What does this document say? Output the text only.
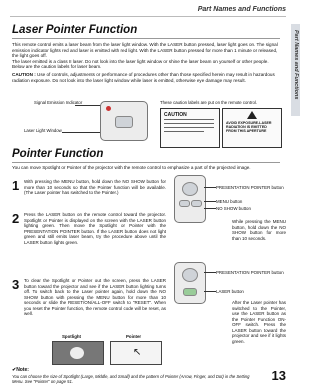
Part Names and Functions
Part Names and Functions
Laser Pointer Function
This remote control emits a laser beam from the laser light window. With the LASER button pressed, laser light goes on. The signal emission indicator lights red and laser is emitted with red light. With the LASER button pressed for more than 1 minute or released, the light goes off.
The laser emitted is a class II laser. Do not look into the laser light window or shine the laser beam on yourself or other people. Below are the caution labels for laser beam.
CAUTION : Use of controls, adjustments or performance of procedures other than those specified herein may result in hazardous radiation exposure. Do not look into the laser light window while laser is emitted, otherwise eye damage may result.
Signal Emission Indicator
Laser Light Window
These caution labels are put on the remote control.
CAUTION
AVOID EXPOSURE-LASER RADIATION IS EMITTED FROM THIS APERTURE
Pointer Function
You can move Spotlight or Pointer of the projector with the remote control to emphasize a part of the projected image.
1 With pressing the MENU button, hold down the NO SHOW button for more than 10 seconds so that the Pointer function will be available. (The Laser pointer has switched to the Pointer.)
2 Press the LASER button on the remote control toward the projector. Spotlight or Pointer is displayed on the screen with the LASER button lighting green. Then move the Spotlight or Pointer with the PRESENTATION POINTER button. If the LASER button does not light green and still emits laser beam, try the procedure above until the LASER button lights green.
3 To clear the Spotlight or Pointer out the screen, press the LASER button toward the projector and see if the LASER button lighting turns off. To switch back to the Laser pointer again, hold down the NO SHOW button with pressing the MENU button for more than 10 seconds or slide the RESET/ON/ALL-OFF switch to "RESET". When you reset the Pointer function, the remote control code will be reset, as well.
PRESENTATION POINTER button
MENU button
NO SHOW button
While pressing the MENU button, hold down the NO SHOW button for more than 10 seconds.
PRESENTATION POINTER button
LASER button
After the Laser pointer has switched to the Pointer, use the LASER button as the Pointer Function ON-OFF switch. Press the LASER button toward the projector and see if it lights green.
Spotlight	Pointer
↖
✔Note:
You can choose the size of Spotlight (Large, Middle, and Small) and the pattern of Pointer (Arrow, Finger, and Dot) in the Setting Menu. See "Pointer" on page 51.	13
